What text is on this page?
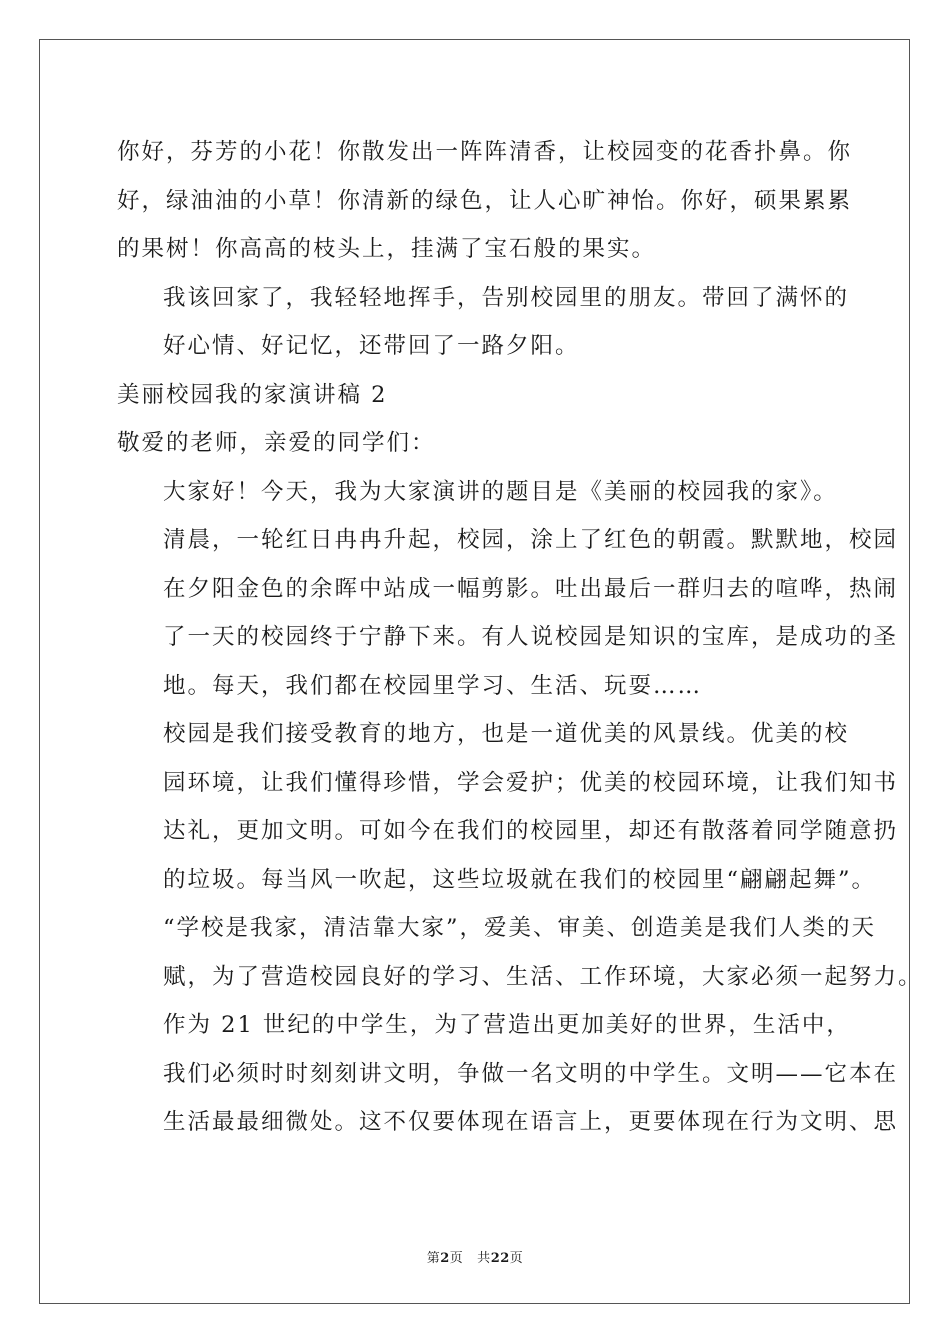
你好，芬芳的小花！你散发出一阵阵清香，让校园变的花香扑鼻。你
好，绿油油的小草！你清新的绿色，让人心旷神怡。你好，硕果累累
的果树！你高高的枝头上，挂满了宝石般的果实。

我该回家了，我轻轻地挥手，告别校园里的朋友。带回了满怀的
好心情、好记忆，还带回了一路夕阳。

美丽校园我的家演讲稿 2

敬爱的老师，亲爱的同学们：

大家好！今天，我为大家演讲的题目是《美丽的校园我的家》。
清晨，一轮红日冉冉升起，校园，涂上了红色的朝霞。默默地，校园
在夕阳金色的余晖中站成一幅剪影。吐出最后一群归去的喧哗，热闹
了一天的校园终于宁静下来。有人说校园是知识的宝库，是成功的圣
地。每天，我们都在校园里学习、生活、玩耍……

校园是我们接受教育的地方，也是一道优美的风景线。优美的校
园环境，让我们懂得珍惜，学会爱护；优美的校园环境，让我们知书
达礼，更加文明。可如今在我们的校园里，却还有散落着同学随意扔
的垃圾。每当风一吹起，这些垃圾就在我们的校园里“翩翩起舞”。
“学校是我家，清洁靠大家”，爱美、审美、创造美是我们人类的天
赋，为了营造校园良好的学习、生活、工作环境，大家必须一起努力。

作为 21 世纪的中学生，为了营造出更加美好的世界，生活中，
我们必须时时刻刻讲文明，争做一名文明的中学生。文明——它本在
生活最最细微处。这不仅要体现在语言上，更要体现在行为文明、思

第2页 共22页
